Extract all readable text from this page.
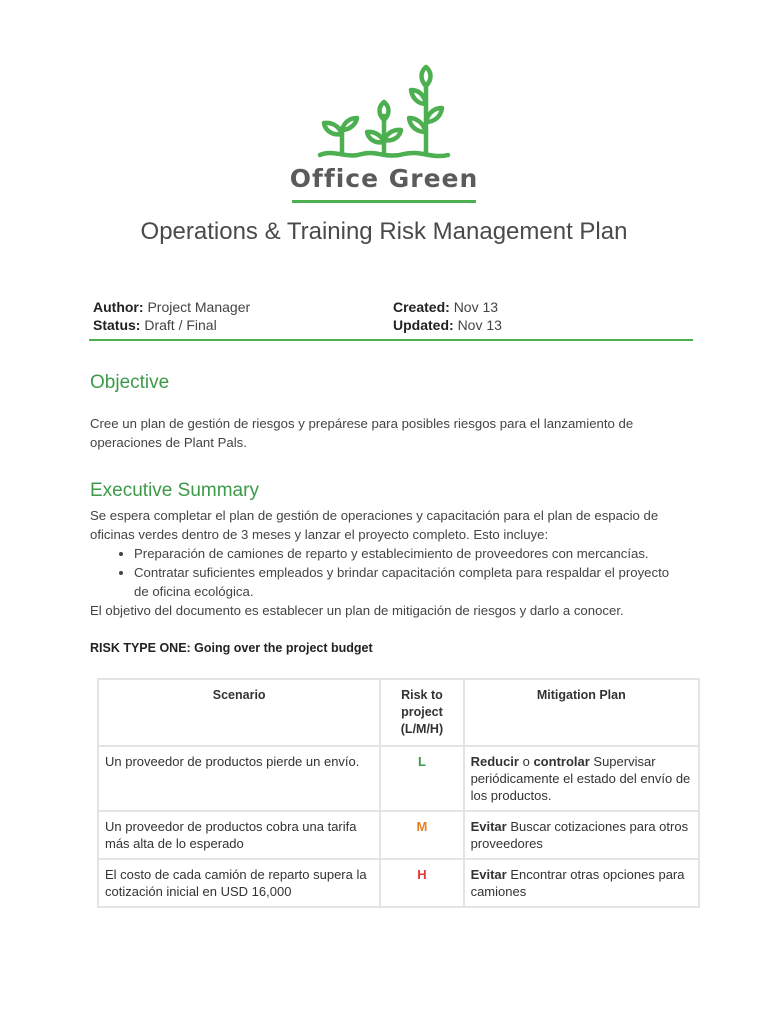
Office Green
Operations & Training Risk Management Plan
Author: Project Manager	Created: Nov 13
Status: Draft / Final	Updated: Nov 13
Objective

Cree un plan de gestión de riesgos y prepárese para posibles riesgos para el lanzamiento de operaciones de Plant Pals.

Executive Summary
Se espera completar el plan de gestión de operaciones y capacitación para el plan de espacio de oficinas verdes dentro de 3 meses y lanzar el proyecto completo. Esto incluye:
• Preparación de camiones de reparto y establecimiento de proveedores con mercancías.
• Contratar suficientes empleados y brindar capacitación completa para respaldar el proyecto de oficina ecológica.
El objetivo del documento es establecer un plan de mitigación de riesgos y darlo a conocer.

RISK TYPE ONE: Going over the project budget

Scenario	Risk to project (L/M/H)	Mitigation Plan
Un proveedor de productos pierde un envío.	L	Reducir o controlar Supervisar periódicamente el estado del envío de los productos.
Un proveedor de productos cobra una tarifa más alta de lo esperado	M	Evitar Buscar cotizaciones para otros proveedores
El costo de cada camión de reparto supera la cotización inicial en USD 16,000	H	Evitar Encontrar otras opciones para camiones
